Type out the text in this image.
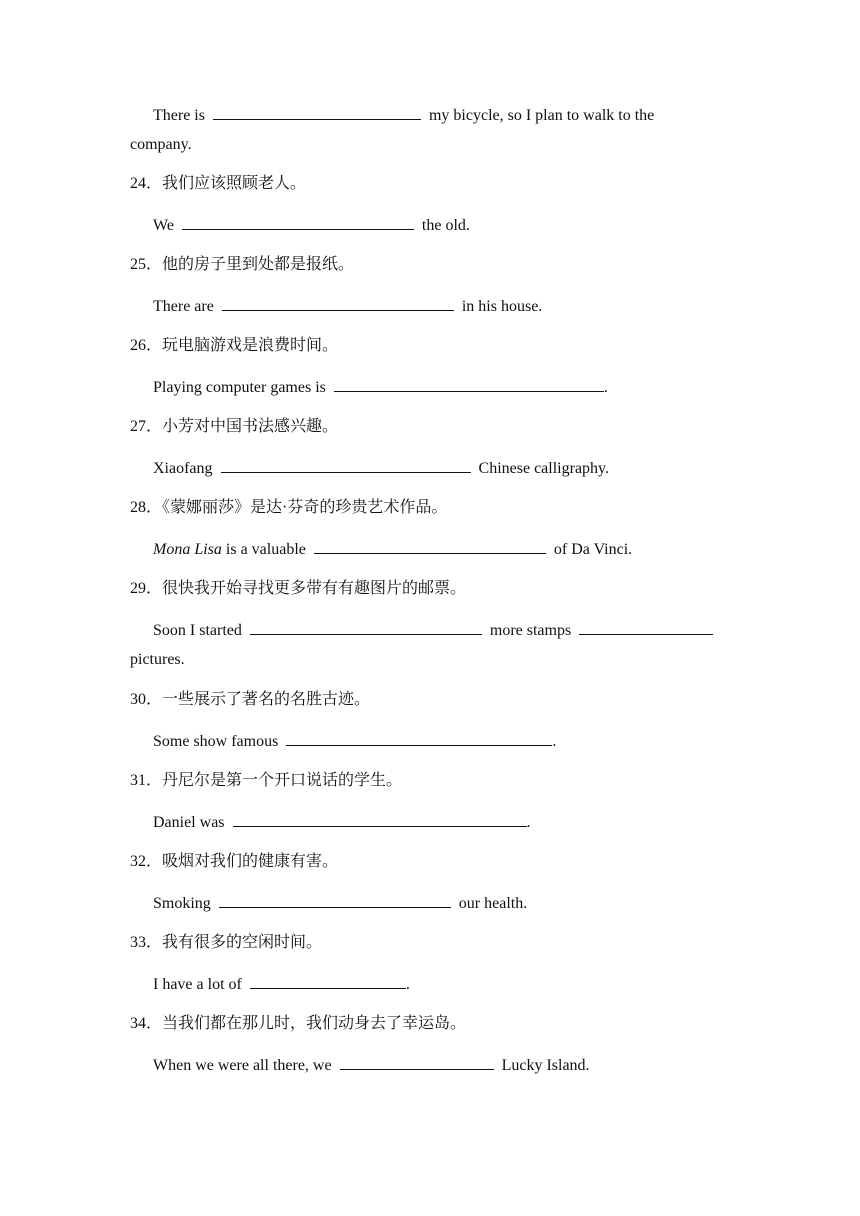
There is	my bicycle, so I plan to walk to the
company.
24．我们应该照顾老人。
We	the old.
25．他的房子里到处都是报纸。
There are	in his house.
26．玩电脑游戏是浪费时间。
Playing computer games is	.
27．小芳对中国书法感兴趣。
Xiaofang	Chinese calligraphy.
28．《蒙娜丽莎》是达·芬奇的珍贵艺术作品。
Mona Lisa is a valuable	of Da Vinci.
29．很快我开始寻找更多带有有趣图片的邮票。
Soon I started	more stamps
pictures.
30．一些展示了著名的名胜古迹。
Some show famous	.
31．丹尼尔是第一个开口说话的学生。
Daniel was	.
32．吸烟对我们的健康有害。
Smoking	our health.
33．我有很多的空闲时间。
I have a lot of	.
34．当我们都在那儿时，我们动身去了幸运岛。
When we were all there, we	Lucky Island.
